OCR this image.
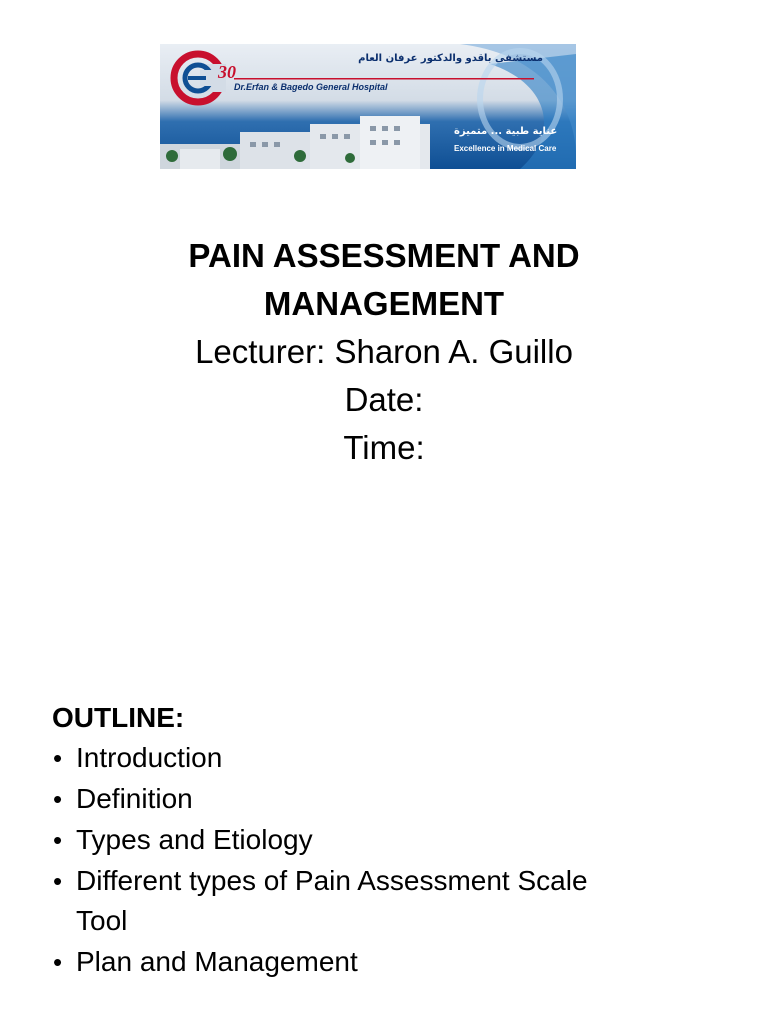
30
مستشفى باقدو والدكتور عرفان العام
Dr.Erfan & Bagedo General Hospital
عناية طبية ... متميزة
Excellence in Medical Care

PAIN ASSESSMENT AND

MANAGEMENT

Lecturer: Sharon A. Guillo

Date:

Time:

OUTLINE:

• Introduction
• Definition
• Types and Etiology
• Different types of Pain Assessment Scale
Tool
• Plan and Management
